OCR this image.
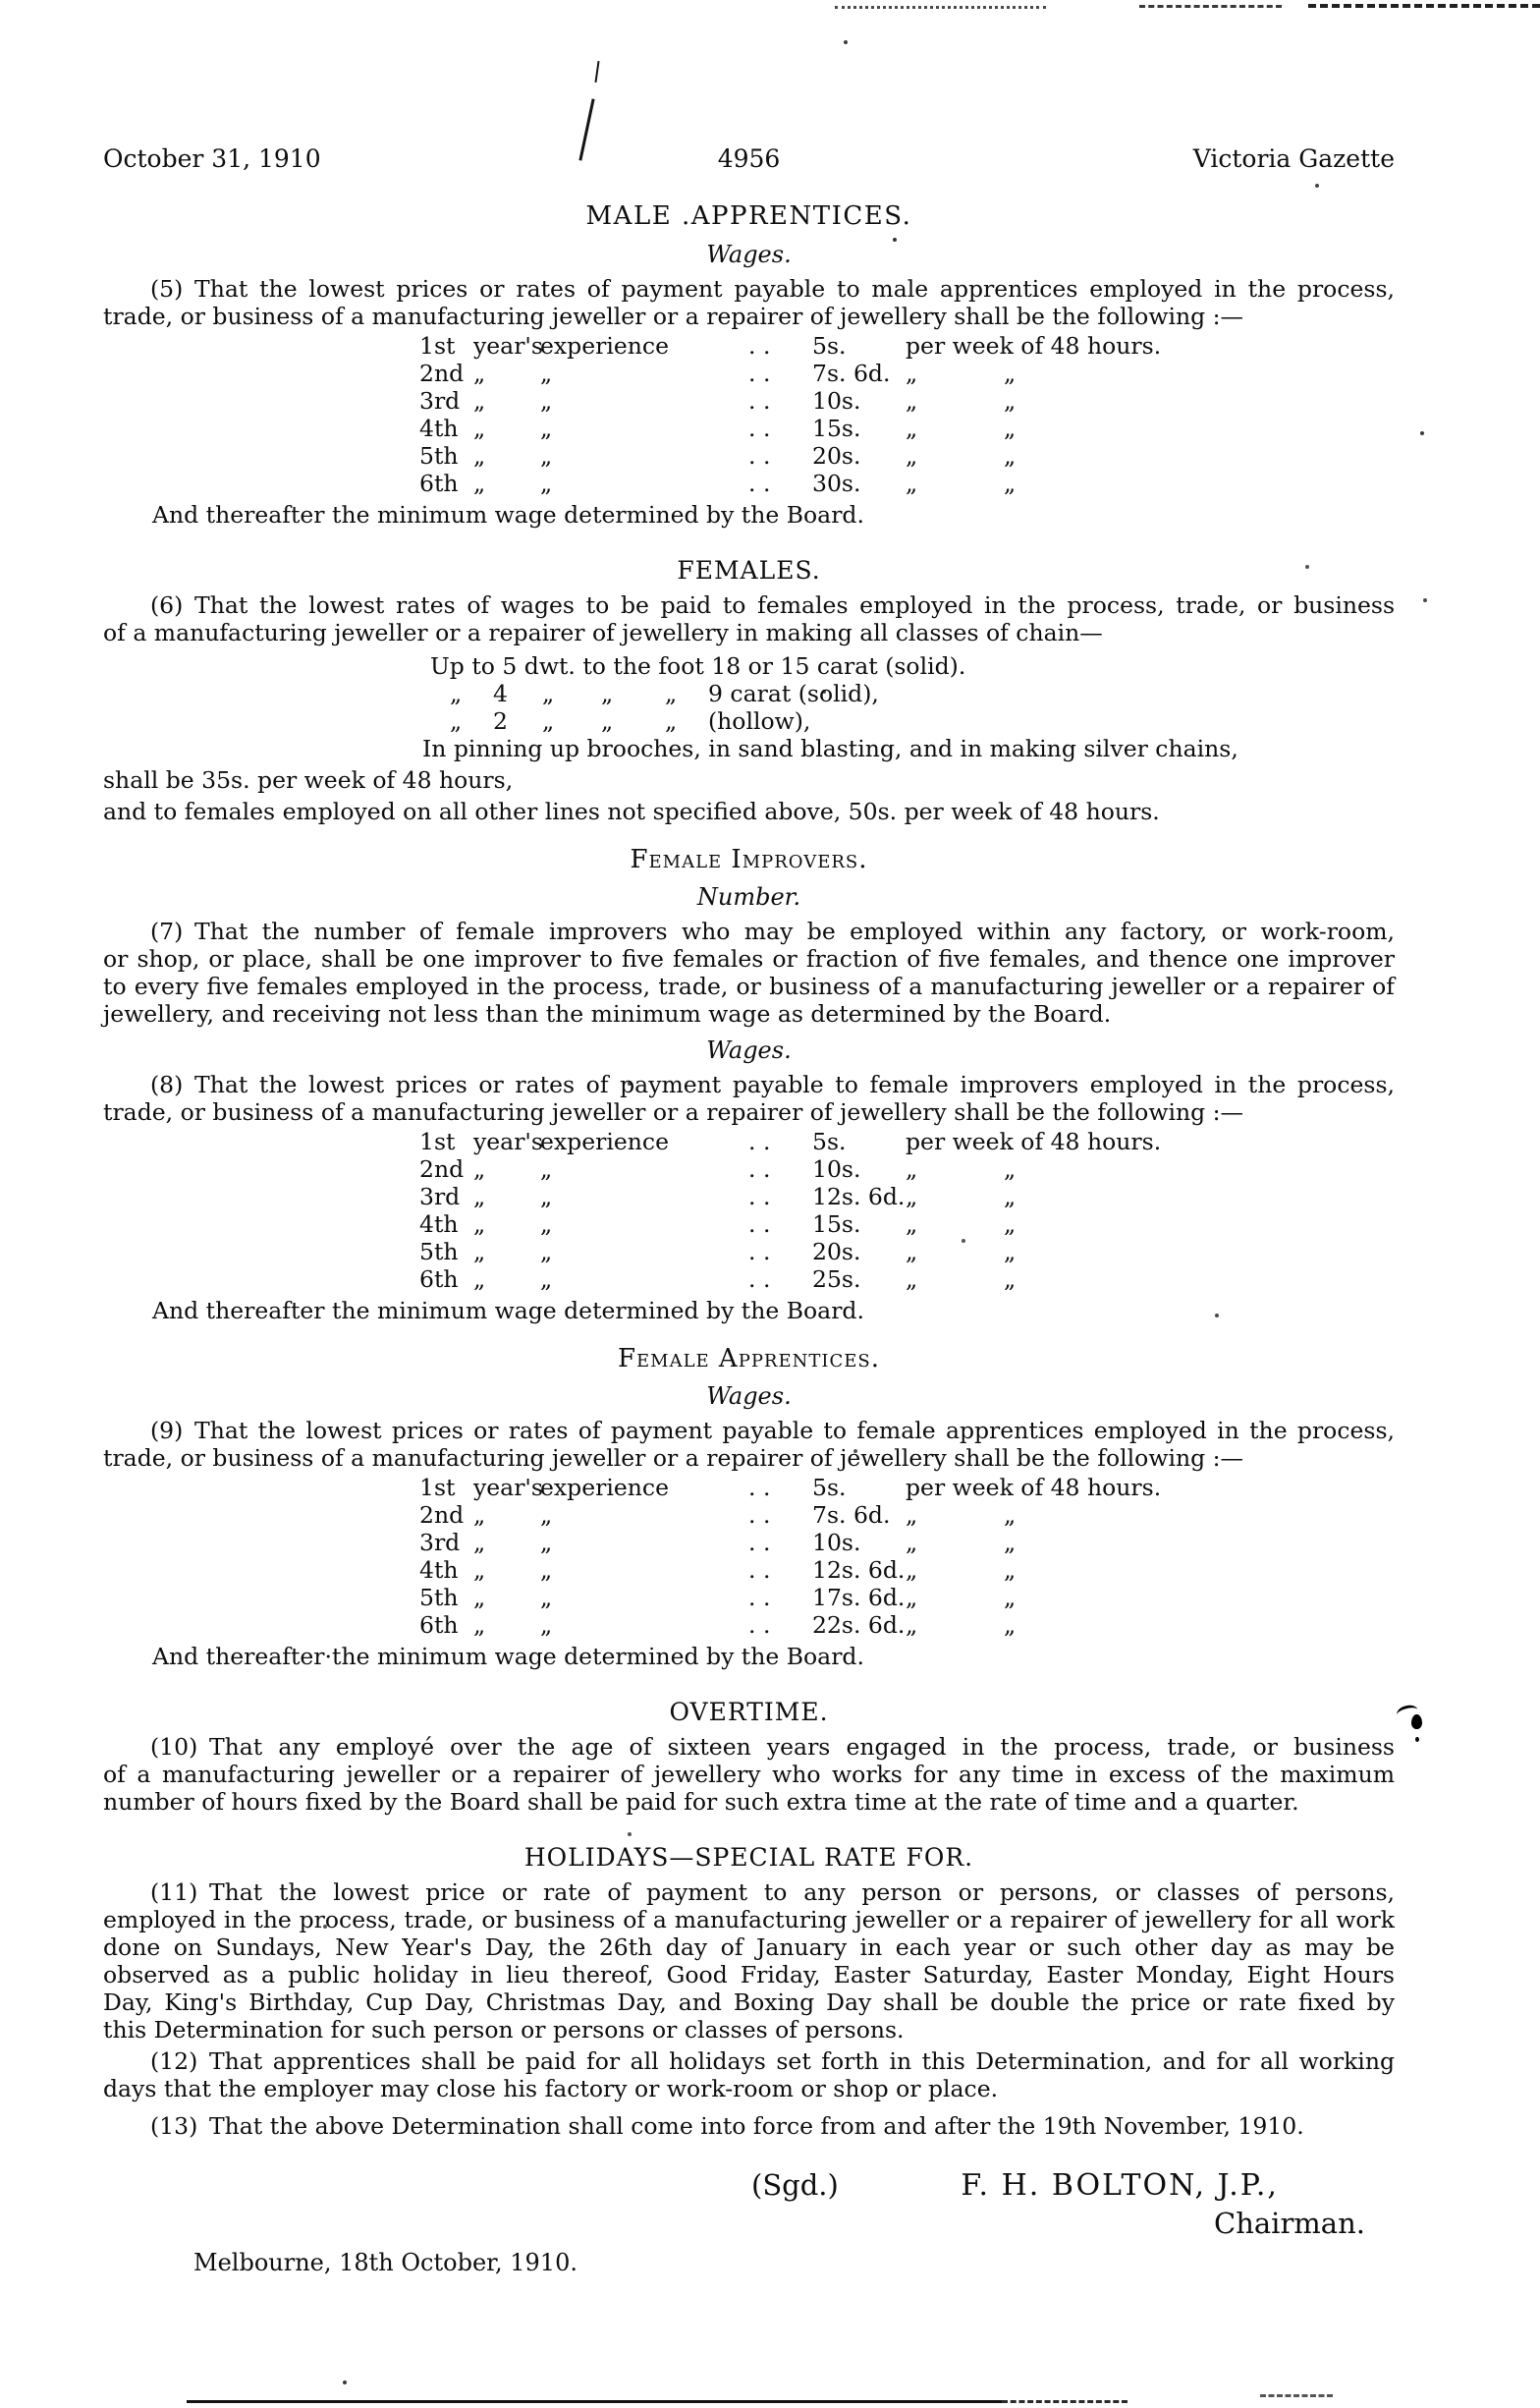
October 31, 1910	4956	Victoria Gazette
MALE .APPRENTICES.
Wages.
(5) That the lowest prices or rates of payment payable to male apprentices employed in the process,
trade, or business of a manufacturing jeweller or a repairer of jewellery shall be the following :—
1st year'sexperience	. . 5s.	per week of 48 hours.
2nd „ „	. . 7s. 6d. „	„
3rd „ „	. . 10s. „	„
4th „ „	. . 15s. „	„
5th „ „	. . 20s. „	„
6th „ „	. . 30s. „	„
And thereafter the minimum wage determined by the Board.
FEMALES.
(6) That the lowest rates of wages to be paid to females employed in the process, trade, or business
of a manufacturing jeweller or a repairer of jewellery in making all classes of chain—
Up to 5 dwt. to the foot 18 or 15 carat (solid).
„ 4 „ „ „ 9 carat (solid),
„ 2 „ „ „ (hollow),
In pinning up brooches, in sand blasting, and in making silver chains,
shall be 35s. per week of 48 hours,
and to females employed on all other lines not specified above, 50s. per week of 48 hours.
Female Improvers.
Number.
(7) That the number of female improvers who may be employed within any factory, or work-room,
or shop, or place, shall be one improver to five females or fraction of five females, and thence one improver
to every five females employed in the process, trade, or business of a manufacturing jeweller or a repairer of
jewellery, and receiving not less than the minimum wage as determined by the Board.
Wages.
(8) That the lowest prices or rates of payment payable to female improvers employed in the process,
trade, or business of a manufacturing jeweller or a repairer of jewellery shall be the following :—
1st year'sexperience	. . 5s.	per week of 48 hours.
2nd „ „	. . 10s. „	„
3rd „ „	. . 12s. 6d.„	„
4th „ „	. . 15s. „	„
5th „ „	. . 20s. „	„
6th „ „	. . 25s. „	„
And thereafter the minimum wage determined by the Board.
Female Apprentices.
Wages.
(9) That the lowest prices or rates of payment payable to female apprentices employed in the process,
trade, or business of a manufacturing jeweller or a repairer of jewellery shall be the following :—
1st year'sexperience	. . 5s.	per week of 48 hours.
2nd „ „	. . 7s. 6d. „	„
3rd „ „	. . 10s. „	„
4th „ „	. . 12s. 6d.„	„
5th „ „	. . 17s. 6d.„	„
6th „ „	. . 22s. 6d.„	„
And thereafter·the minimum wage determined by the Board.
OVERTIME.
(10) That any employé over the age of sixteen years engaged in the process, trade, or business
of a manufacturing jeweller or a repairer of jewellery who works for any time in excess of the maximum
number of hours fixed by the Board shall be paid for such extra time at the rate of time and a quarter.
HOLIDAYS—SPECIAL RATE FOR.
(11) That the lowest price or rate of payment to any person or persons, or classes of persons,
employed in the process, trade, or business of a manufacturing jeweller or a repairer of jewellery for all work
done on Sundays, New Year's Day, the 26th day of January in each year or such other day as may be
observed as a public holiday in lieu thereof, Good Friday, Easter Saturday, Easter Monday, Eight Hours
Day, King's Birthday, Cup Day, Christmas Day, and Boxing Day shall be double the price or rate fixed by
this Determination for such person or persons or classes of persons.
(12) That apprentices shall be paid for all holidays set forth in this Determination, and for all working
days that the employer may close his factory or work-room or shop or place.
(13) That the above Determination shall come into force from and after the 19th November, 1910.
(Sgd.)	F. H. BOLTON, J.P.,
Chairman.
Melbourne, 18th October, 1910.
